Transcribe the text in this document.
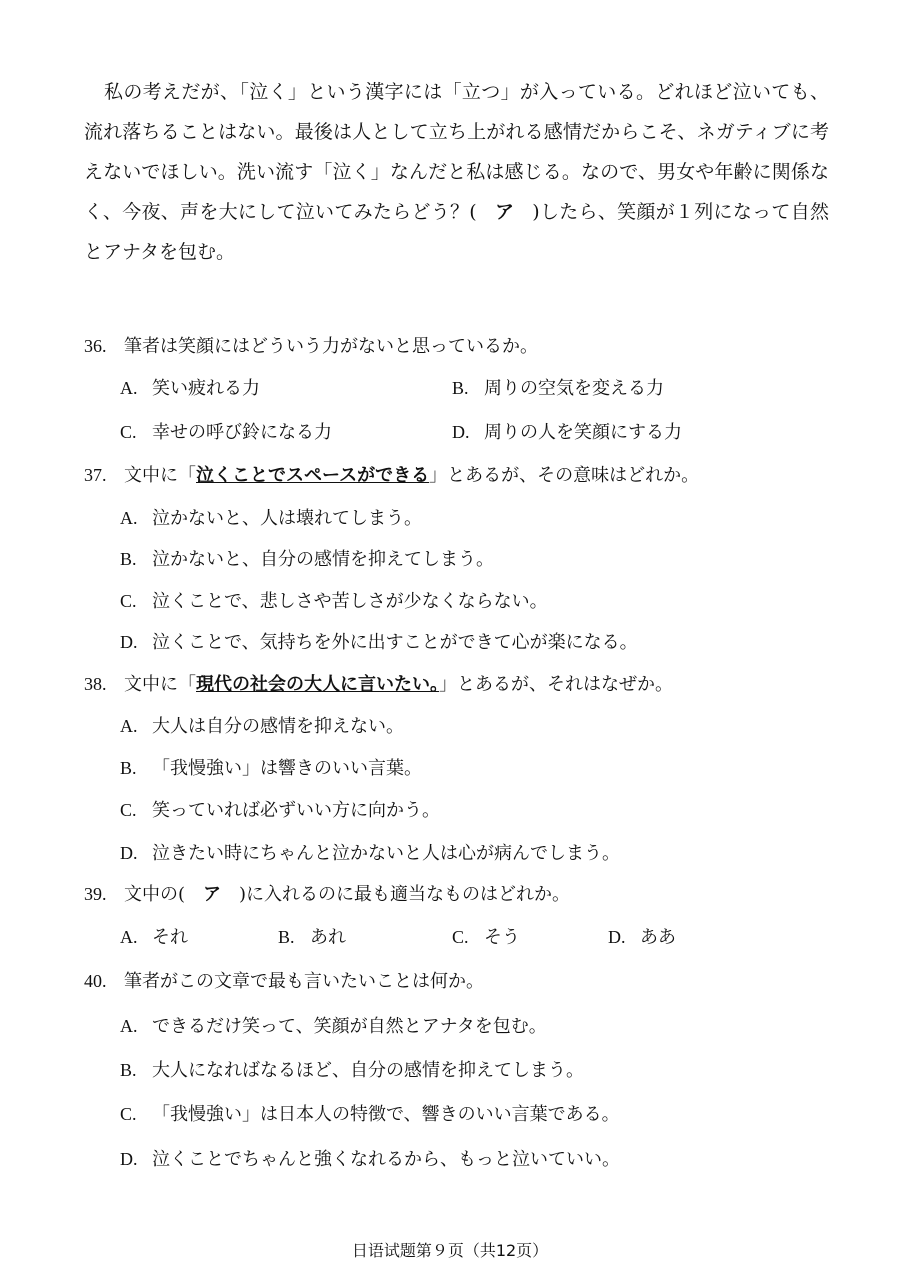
私の考えだが、「泣く」という漢字には「立つ」が入っている。どれほど泣いても、流れ落ちることはない。最後は人として立ち上がれる感情だからこそ、ネガティブに考えないでほしい。洗い流す「泣く」なんだと私は感じる。なので、男女や年齢に関係なく、今夜、声を大にして泣いてみたらどう？( ア )したら、笑顔が１列になって自然とアナタを包む。

36. 筆者は笑顔にはどういう力がないと思っているか。
A. 笑い疲れる力	B. 周りの空気を変える力
C. 幸せの呼び鈴になる力	D. 周りの人を笑顔にする力
37. 文中に「泣くことでスペースができる」とあるが、その意味はどれか。
A. 泣かないと、人は壊れてしまう。
B. 泣かないと、自分の感情を抑えてしまう。
C. 泣くことで、悲しさや苦しさが少なくならない。
D. 泣くことで、気持ちを外に出すことができて心が楽になる。
38. 文中に「現代の社会の大人に言いたい。」とあるが、それはなぜか。
A. 大人は自分の感情を抑えない。
B. 「我慢強い」は響きのいい言葉。
C. 笑っていれば必ずいい方に向かう。
D. 泣きたい時にちゃんと泣かないと人は心が病んでしまう。
39. 文中の( ア )に入れるのに最も適当なものはどれか。
A. それ	B. あれ	C. そう	D. ああ
40. 筆者がこの文章で最も言いたいことは何か。
A. できるだけ笑って、笑顔が自然とアナタを包む。
B. 大人になればなるほど、自分の感情を抑えてしまう。
C. 「我慢強い」は日本人の特徴で、響きのいい言葉である。
D. 泣くことでちゃんと強くなれるから、もっと泣いていい。
日语试题第９页（共12页）
